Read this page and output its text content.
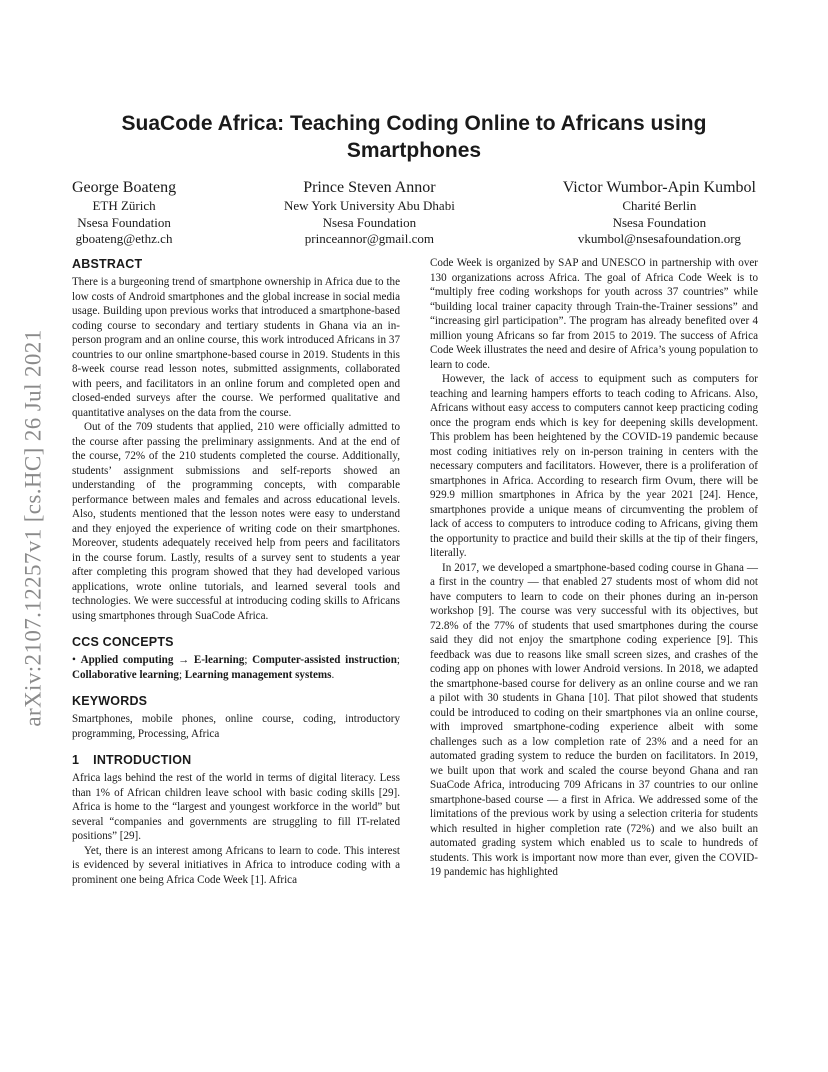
arXiv:2107.12257v1 [cs.HC] 26 Jul 2021
SuaCode Africa: Teaching Coding Online to Africans using Smartphones
George Boateng
ETH Zürich
Nsesa Foundation
gboateng@ethz.ch
Prince Steven Annor
New York University Abu Dhabi
Nsesa Foundation
princeannor@gmail.com
Victor Wumbor-Apin Kumbol
Charité Berlin
Nsesa Foundation
vkumbol@nsesafoundation.org
ABSTRACT

There is a burgeoning trend of smartphone ownership in Africa due to the low costs of Android smartphones and the global increase in social media usage. Building upon previous works that introduced a smartphone-based coding course to secondary and tertiary students in Ghana via an in-person program and an online course, this work introduced Africans in 37 countries to our online smartphone-based course in 2019. Students in this 8-week course read lesson notes, submitted assignments, collaborated with peers, and facilitators in an online forum and completed open and closed-ended surveys after the course. We performed qualitative and quantitative analyses on the data from the course.

Out of the 709 students that applied, 210 were officially admitted to the course after passing the preliminary assignments. And at the end of the course, 72% of the 210 students completed the course. Additionally, students’ assignment submissions and self-reports showed an understanding of the programming concepts, with comparable performance between males and females and across educational levels. Also, students mentioned that the lesson notes were easy to understand and they enjoyed the experience of writing code on their smartphones. Moreover, students adequately received help from peers and facilitators in the course forum. Lastly, results of a survey sent to students a year after completing this program showed that they had developed various applications, wrote online tutorials, and learned several tools and technologies. We were successful at introducing coding skills to Africans using smartphones through SuaCode Africa.

CCS CONCEPTS

• Applied computing → E-learning; Computer-assisted instruction; Collaborative learning; Learning management systems.

KEYWORDS

Smartphones, mobile phones, online course, coding, introductory programming, Processing, Africa

1 INTRODUCTION

Africa lags behind the rest of the world in terms of digital literacy. Less than 1% of African children leave school with basic coding skills [29]. Africa is home to the “largest and youngest workforce in the world” but several “companies and governments are struggling to fill IT-related positions” [29].

Yet, there is an interest among Africans to learn to code. This interest is evidenced by several initiatives in Africa to introduce coding with a prominent one being Africa Code Week [1]. Africa

Code Week is organized by SAP and UNESCO in partnership with over 130 organizations across Africa. The goal of Africa Code Week is to “multiply free coding workshops for youth across 37 countries” while “building local trainer capacity through Train-the-Trainer sessions” and “increasing girl participation”. The program has already benefited over 4 million young Africans so far from 2015 to 2019. The success of Africa Code Week illustrates the need and desire of Africa’s young population to learn to code.

However, the lack of access to equipment such as computers for teaching and learning hampers efforts to teach coding to Africans. Also, Africans without easy access to computers cannot keep practicing coding once the program ends which is key for deepening skills development. This problem has been heightened by the COVID-19 pandemic because most coding initiatives rely on in-person training in centers with the necessary computers and facilitators. However, there is a proliferation of smartphones in Africa. According to research firm Ovum, there will be 929.9 million smartphones in Africa by the year 2021 [24]. Hence, smartphones provide a unique means of circumventing the problem of lack of access to computers to introduce coding to Africans, giving them the opportunity to practice and build their skills at the tip of their fingers, literally.

In 2017, we developed a smartphone-based coding course in Ghana — a first in the country — that enabled 27 students most of whom did not have computers to learn to code on their phones during an in-person workshop [9]. The course was very successful with its objectives, but 72.8% of the 77% of students that used smartphones during the course said they did not enjoy the smartphone coding experience [9]. This feedback was due to reasons like small screen sizes, and crashes of the coding app on phones with lower Android versions. In 2018, we adapted the smartphone-based course for delivery as an online course and we ran a pilot with 30 students in Ghana [10]. That pilot showed that students could be introduced to coding on their smartphones via an online course, with improved smartphone-coding experience albeit with some challenges such as a low completion rate of 23% and a need for an automated grading system to reduce the burden on facilitators. In 2019, we built upon that work and scaled the course beyond Ghana and ran SuaCode Africa, introducing 709 Africans in 37 countries to our online smartphone-based course — a first in Africa. We addressed some of the limitations of the previous work by using a selection criteria for students which resulted in higher completion rate (72%) and we also built an automated grading system which enabled us to scale to hundreds of students. This work is important now more than ever, given the COVID-19 pandemic has highlighted
